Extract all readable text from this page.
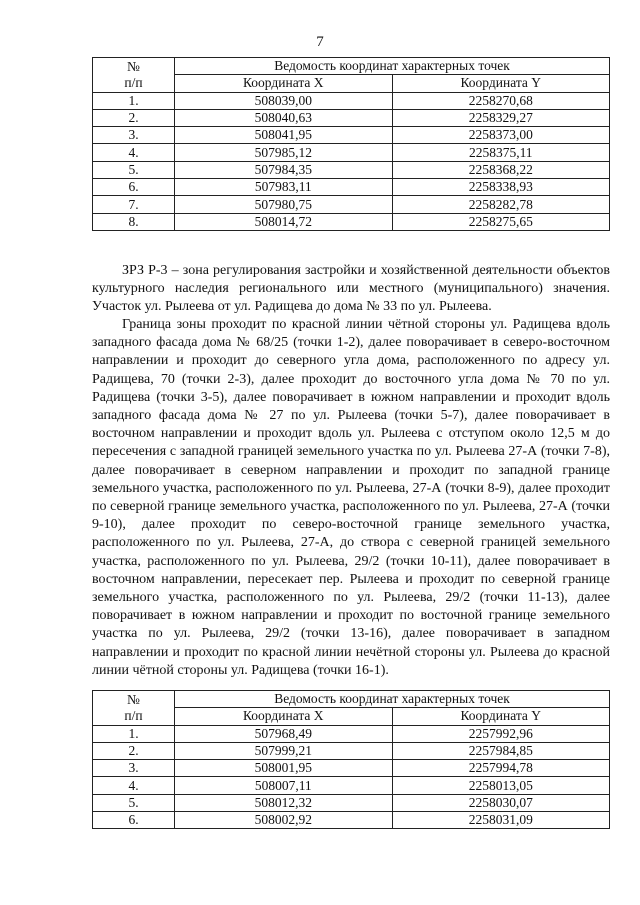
7
№
п/п	Ведомость координат характерных точек	
	Координата X	Координата Y
1.	508039,00	2258270,68
2.	508040,63	2258329,27
3.	508041,95	2258373,00
4.	507985,12	2258375,11
5.	507984,35	2258368,22
6.	507983,11	2258338,93
7.	507980,75	2258282,78
8.	508014,72	2258275,65

ЗРЗ Р-3 – зона регулирования застройки и хозяйственной деятельности объектов культурного наследия регионального или местного (муниципального) значения. Участок ул. Рылеева от ул. Радищева до дома № 33 по ул. Рылеева.

Граница зоны проходит по красной линии чётной стороны ул. Радищева вдоль западного фасада дома № 68/25 (точки 1-2), далее поворачивает в северо-восточном направлении и проходит до северного угла дома, расположенного по адресу ул. Радищева, 70 (точки 2-3), далее проходит до восточного угла дома № 70 по ул. Радищева (точки 3-5), далее поворачивает в южном направлении и проходит вдоль западного фасада дома № 27 по ул. Рылеева (точки 5-7), далее поворачивает в восточном направлении и проходит вдоль ул. Рылеева с отступом около 12,5 м до пересечения с западной границей земельного участка по ул. Рылеева 27-А (точки 7-8), далее поворачивает в северном направлении и проходит по западной границе земельного участка, расположенного по ул. Рылеева, 27-А (точки 8-9), далее проходит по северной границе земельного участка, расположенного по ул. Рылеева, 27-А (точки 9-10), далее проходит по северо-восточной границе земельного участка, расположенного по ул. Рылеева, 27-А, до створа с северной границей земельного участка, расположенного по ул. Рылеева, 29/2 (точки 10-11), далее поворачивает в восточном направлении, пересекает пер. Рылеева и проходит по северной границе земельного участка, расположенного по ул. Рылеева, 29/2 (точки 11-13), далее поворачивает в южном направлении и проходит по восточной границе земельного участка по ул. Рылеева, 29/2 (точки 13-16), далее поворачивает в западном направлении и проходит по красной линии нечётной стороны ул. Рылеева до красной линии чётной стороны ул. Радищева (точки 16-1).

№
п/п	Ведомость координат характерных точек	
	Координата X	Координата Y
1.	507968,49	2257992,96
2.	507999,21	2257984,85
3.	508001,95	2257994,78
4.	508007,11	2258013,05
5.	508012,32	2258030,07
6.	508002,92	2258031,09
